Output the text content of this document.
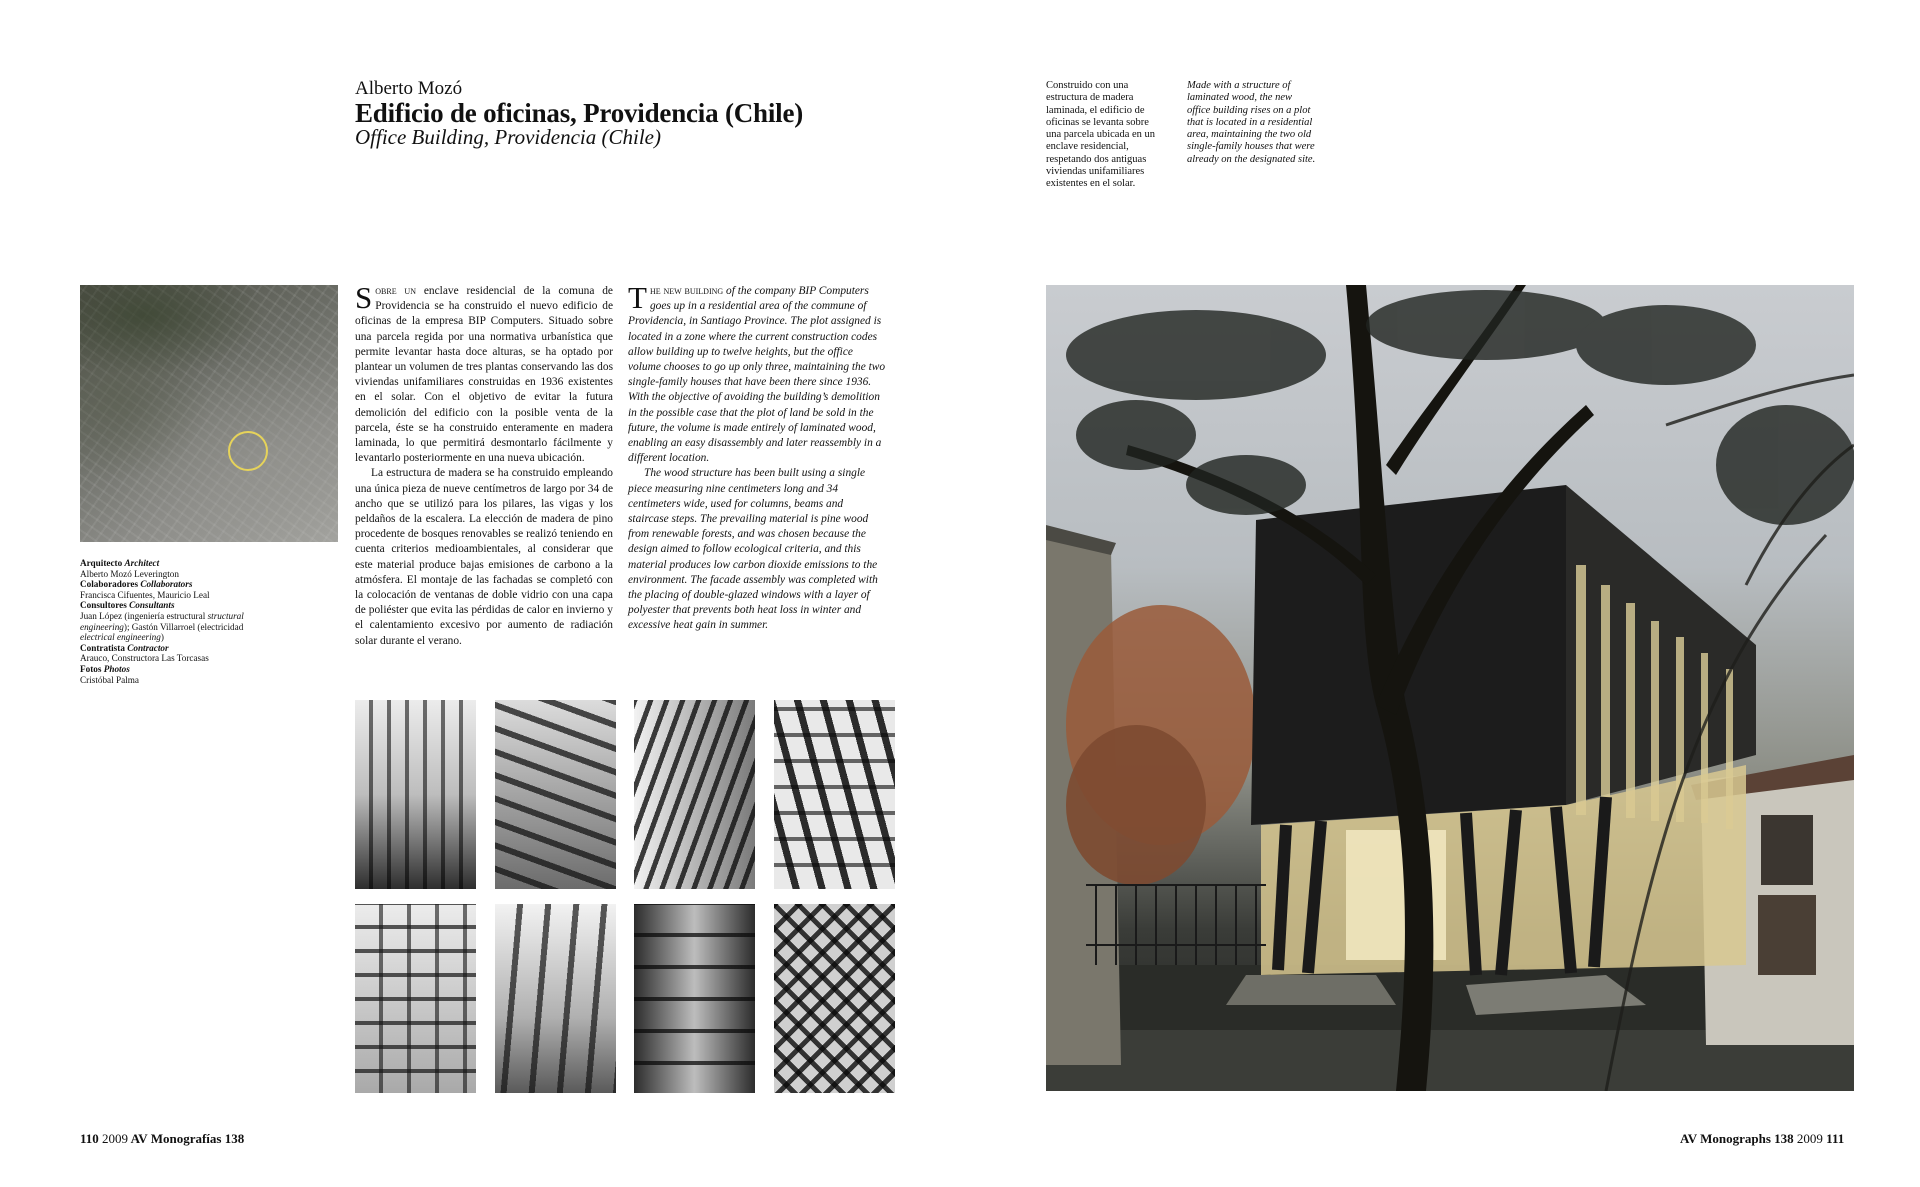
Alberto Mozó
Edificio de oficinas, Providencia (Chile)
Office Building, Providencia (Chile)
Construido con una estructura de madera laminada, el edificio de oficinas se levanta sobre una parcela ubicada en un enclave residencial, respetando dos antiguas viviendas unifamiliares existentes en el solar.
Made with a structure of laminated wood, the new office building rises on a plot that is located in a residential area, maintaining the two old single-family houses that were already on the designated site.
Arquitecto Architect
Alberto Mozó Leverington
Colaboradores Collaborators
Francisca Cifuentes, Mauricio Leal
Consultores Consultants
Juan López (ingeniería estructural structural engineering); Gastón Villarroel (electricidad electrical engineering)
Contratista Contractor
Arauco, Constructora Las Torcasas
Fotos Photos
Cristóbal Palma

Sobre un enclave residencial de la comuna de Providencia se ha construido el nuevo edificio de oficinas de la empresa BIP Computers. Situado sobre una parcela regida por una normativa urbanística que permite levantar hasta doce alturas, se ha optado por plantear un volumen de tres plantas conservando las dos viviendas unifamiliares construidas en 1936 existentes en el solar. Con el objetivo de evitar la futura demolición del edificio con la posible venta de la parcela, éste se ha construido enteramente en madera laminada, lo que permitirá desmontarlo fácilmente y levantarlo posteriormente en una nueva ubicación.

La estructura de madera se ha construido empleando una única pieza de nueve centímetros de largo por 34 de ancho que se utilizó para los pilares, las vigas y los peldaños de la escalera. La elección de madera de pino procedente de bosques renovables se realizó teniendo en cuenta criterios medioambientales, al considerar que este material produce bajas emisiones de carbono a la atmósfera. El montaje de las fachadas se completó con la colocación de ventanas de doble vidrio con una capa de poliéster que evita las pérdidas de calor en invierno y el calentamiento excesivo por aumento de radiación solar durante el verano.

The new building of the company BIP Computers goes up in a residential area of the commune of Providencia, in Santiago Province. The plot assigned is located in a zone where the current construction codes allow building up to twelve heights, but the office volume chooses to go up only three, maintaining the two single-family houses that have been there since 1936. With the objective of avoiding the building’s demolition in the possible case that the plot of land be sold in the future, the volume is made entirely of laminated wood, enabling an easy disassembly and later reassembly in a different location.

The wood structure has been built using a single piece measuring nine centimeters long and 34 centimeters wide, used for columns, beams and staircase steps. The prevailing material is pine wood from renewable forests, and was chosen because the design aimed to follow ecological criteria, and this material produces low carbon dioxide emissions to the environment. The facade assembly was completed with the placing of double-glazed windows with a layer of polyester that prevents both heat loss in winter and excessive heat gain in summer.

110 2009 AV Monografías 138	AV Monographs 138 2009 111
